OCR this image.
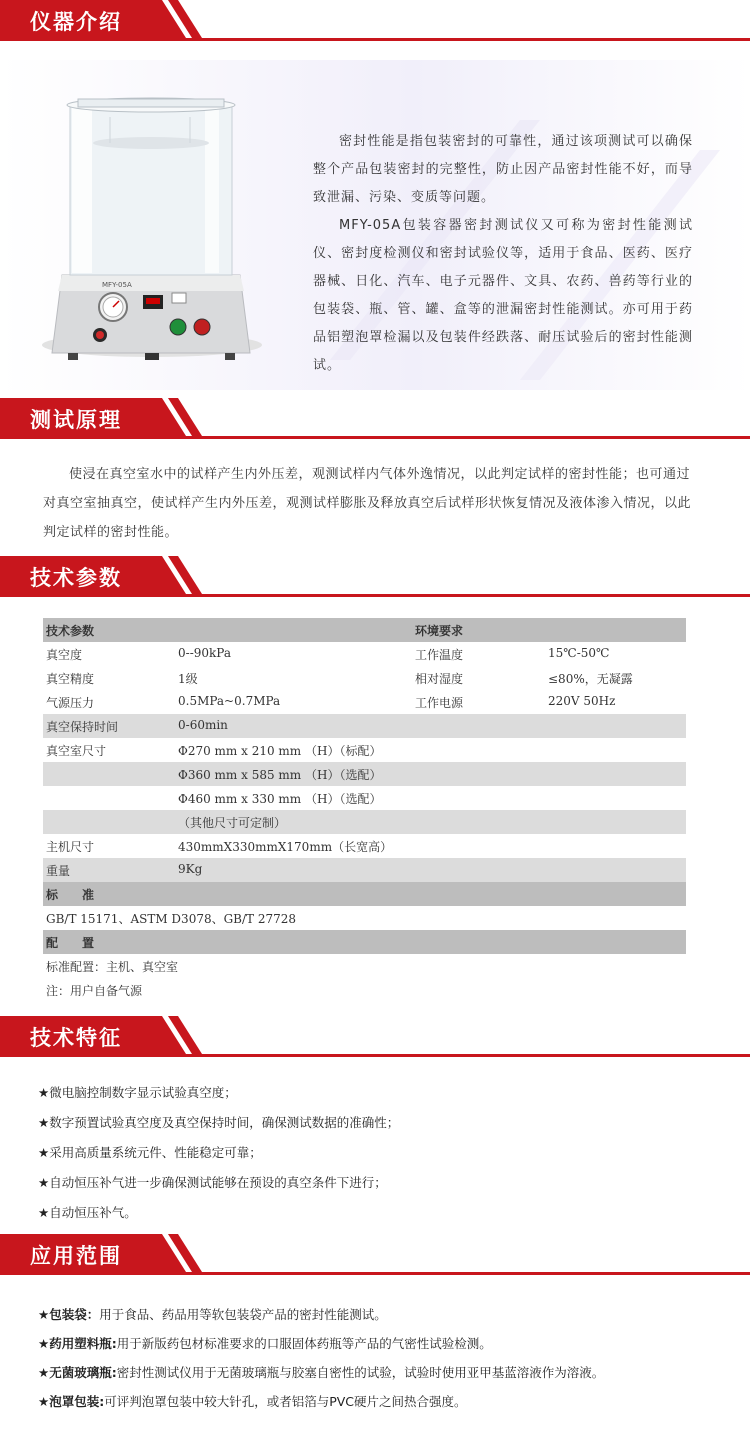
仪器介绍
测试原理
技术参数
技术特征
应用范围
MFY-05A

密封性能是指包装密封的可靠性，通过该项测试可以确保整个产品包装密封的完整性，防止因产品密封性能不好，而导致泄漏、污染、变质等问题。

MFY-05A包装容器密封测试仪又可称为密封性能测试仪、密封度检测仪和密封试验仪等，适用于食品、医药、医疗器械、日化、汽车、电子元器件、文具、农药、兽药等行业的包装袋、瓶、管、罐、盒等的泄漏密封性能测试。亦可用于药品铝塑泡罩检漏以及包装件经跌落、耐压试验后的密封性能测试。

使浸在真空室水中的试样产生内外压差，观测试样内气体外逸情况，以此判定试样的密封性能；也可通过对真空室抽真空，使试样产生内外压差，观测试样膨胀及释放真空后试样形状恢复情况及液体渗入情况，以此判定试样的密封性能。
技术参数	环境要求
真空度	0--90kPa	工作温度	15℃-50℃
真空精度	1级	相对湿度	≤80%，无凝露
气源压力	0.5MPa~0.7MPa	工作电源	220V 50Hz
真空保持时间	0-60min
真空室尺寸	Φ270 mm x 210 mm （H）（标配）
Φ360 mm x 585 mm （H）（选配）
Φ460 mm x 330 mm （H）（选配）
（其他尺寸可定制）
主机尺寸	430mmX330mmX170mm（长宽高）
重量	9Kg
标　　准
GB/T 15171、ASTM D3078、GB/T 27728
配　　置
标准配置：主机、真空室
注：用户自备气源
★微电脑控制数字显示试验真空度；
★数字预置试验真空度及真空保持时间，确保测试数据的准确性；
★采用高质量系统元件、性能稳定可靠；
★自动恒压补气进一步确保测试能够在预设的真空条件下进行；
★自动恒压补气。
★包装袋：用于食品、药品用等软包装袋产品的密封性能测试。
★药用塑料瓶:用于新版药包材标准要求的口服固体药瓶等产品的气密性试验检测。
★无菌玻璃瓶:密封性测试仪用于无菌玻璃瓶与胶塞自密性的试验，试验时使用亚甲基蓝溶液作为溶液。
★泡罩包装:可评判泡罩包装中较大针孔，或者铝箔与PVC硬片之间热合强度。
